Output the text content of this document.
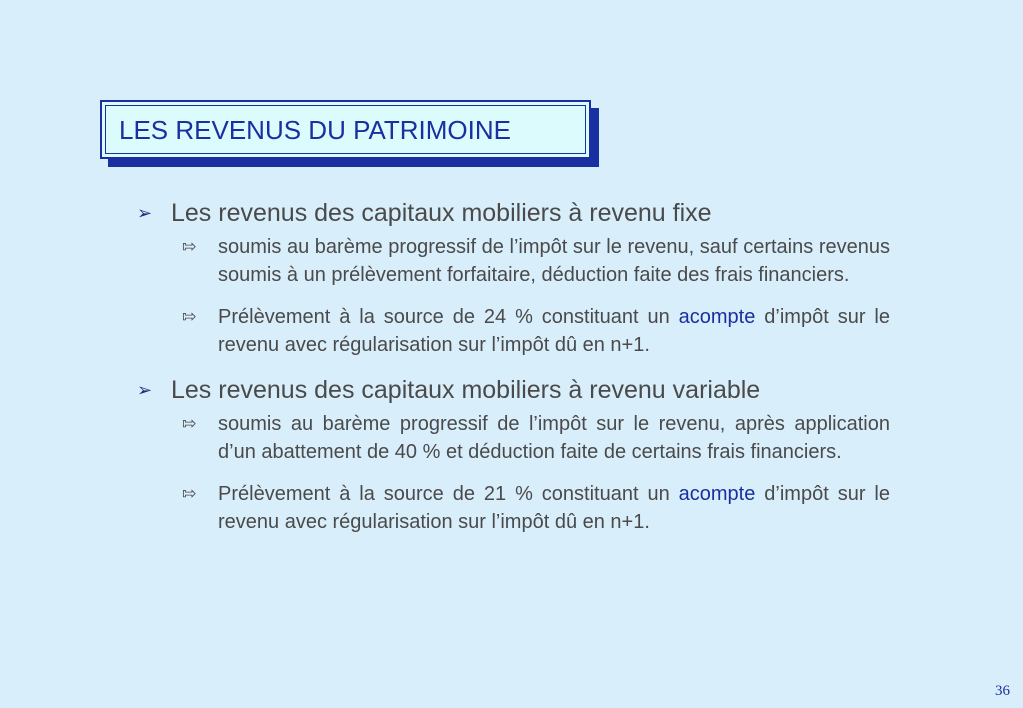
LES REVENUS DU PATRIMOINE
➢ Les revenus des capitaux mobiliers à revenu fixe
⇰ soumis au barème progressif de l’impôt sur le revenu, sauf certains revenus soumis à un prélèvement forfaitaire, déduction faite des frais financiers.
⇰ Prélèvement à la source de 24 % constituant un acompte d’impôt sur le revenu avec régularisation sur l’impôt dû en n+1.
➢ Les revenus des capitaux mobiliers à revenu variable
⇰ soumis au barème progressif de l’impôt sur le revenu, après application d’un abattement de 40 % et déduction faite de certains frais financiers.
⇰ Prélèvement à la source de 21 % constituant un acompte d’impôt sur le revenu avec régularisation sur l’impôt dû en n+1.
36
